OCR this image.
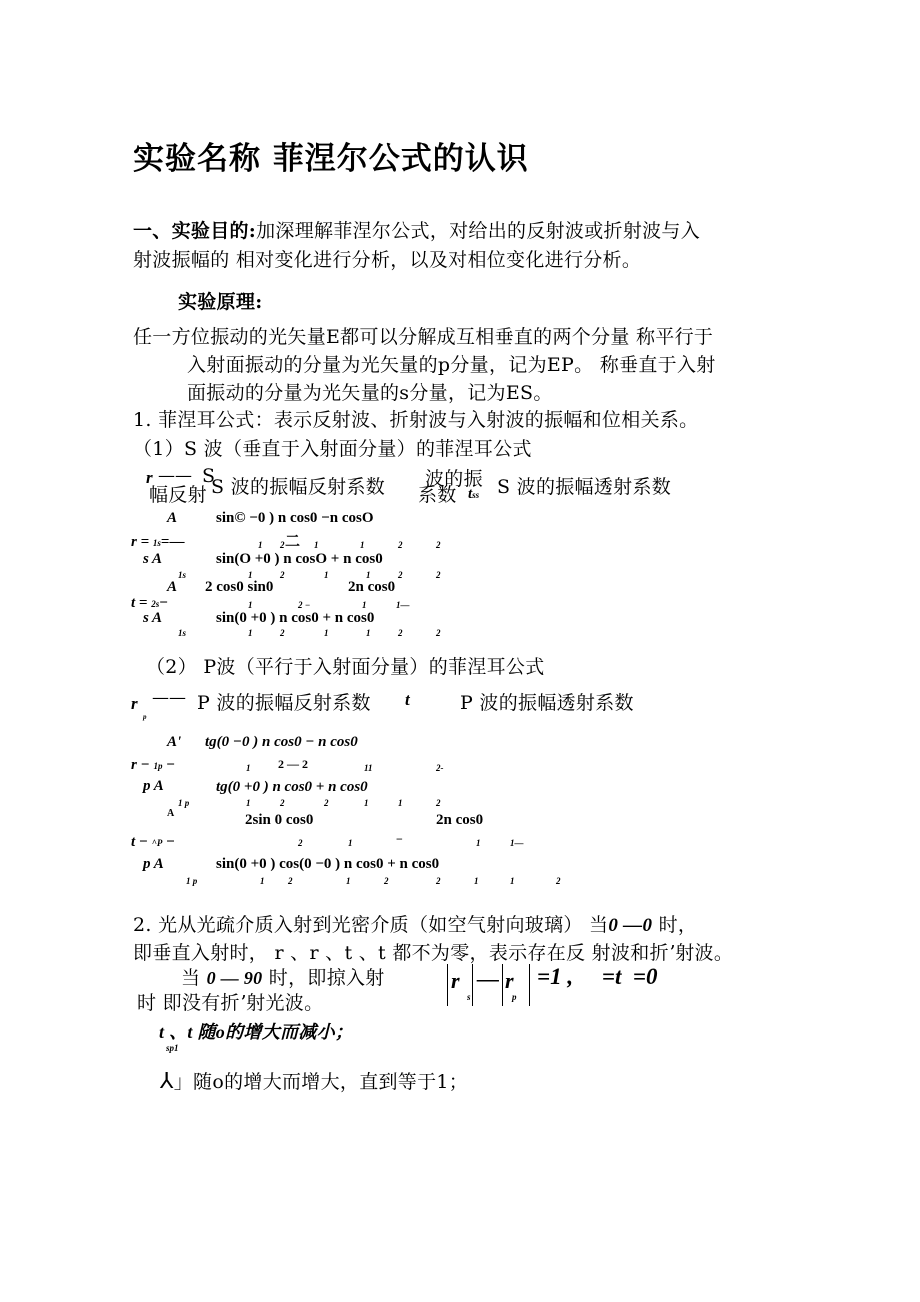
实验名称 菲涅尔公式的认识
一、实验目的:加深理解菲涅尔公式，对给出的反射波或折射波与入
射波振幅的 相对变化进行分析，以及对相位变化进行分析。
实验原理:
任一方位振动的光矢量E都可以分解成互相垂直的两个分量 称平行于
入射面振动的分量为光矢量的p分量，记为EP。 称垂直于入射
面振动的分量为光矢量的s分量，记为ES。
1. 菲涅耳公式：表示反射波、折射波与入射波的振幅和位相关系。
（1）S 波（垂直于入射面分量）的菲涅耳公式
r —— S
S 波的振幅反射系数 波的振
幅反射	系数 tss S 波的振幅透射系数
A	sin© −0 ) n cos0 −n cosO
r = 1s=—	二
1 2	1	1	2	2
s A	sin(O +0 ) n cosO + n cos0
1s	1	2	1	1	2	2
A 2 cos0 sin0	2n cos0
t = 2s−	1	2 −	1	1—
s A	sin(0 +0 ) n cos0 + n cos0
1s	1	2	1	1	2	2
（2） P波（平行于入射面分量）的菲涅耳公式
r
p
—— P 波的振幅反射系数 t	P 波的振幅透射系数
A' tg(0 −0 ) n cos0 − n cos0
r − 1p −	1 2 — 2	11	2-
p A	tg(0 +0 ) n cos0 + n cos0
1 p	1	2	2	1	1	2
A	2sin 0 cos0	2n cos0
t − ^P −	2	1	−	1	1—
p A	sin(0 +0 ) cos(0 −0 ) n cos0 + n cos0
1 p	1	2	1	2	2	1	1	2
2. 光从光疏介质入射到光密介质（如空气射向玻璃） 当0 —0 时，
即垂直入射时， r 、r 、t 、t 都不为零，表示存在反 射波和折ʼ射波。
当 0 — 90 时，即掠入射
时 即没有折ʼ射光波。
r
s
— r
p
=1 ,     =t  =0
t 、t 随o的增大而减小；
sp1
⅄」随o的增大而增大，直到等于1；
